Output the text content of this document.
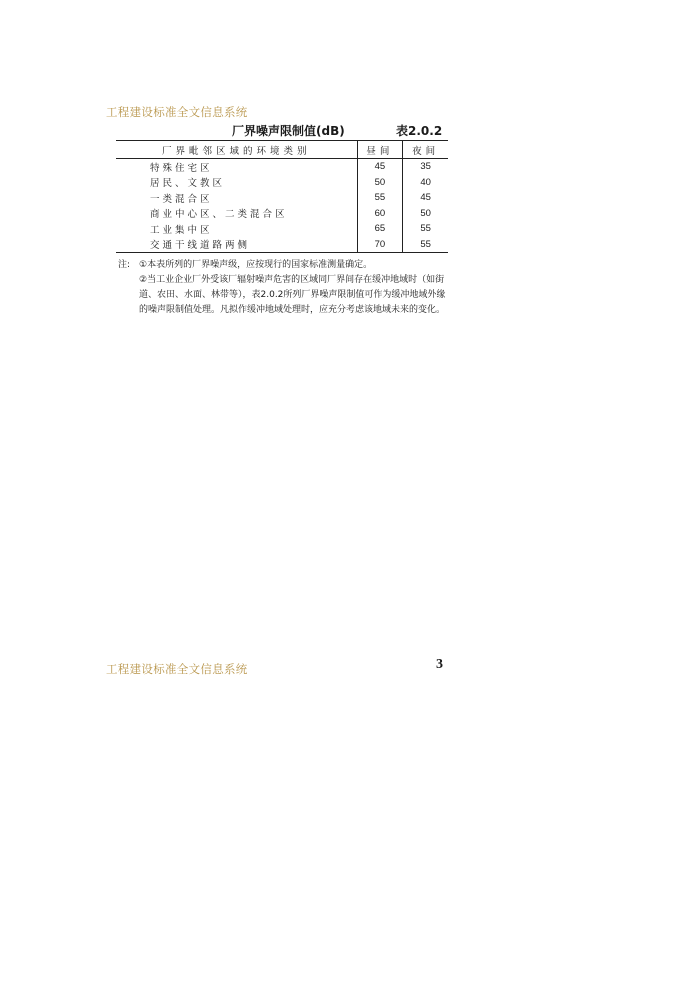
工程建设标准全文信息系统
厂界噪声限制值(dB)	表2.0.2
厂界毗邻区域的环境类别	昼间	夜间
特殊住宅区	45	35
居民、文教区	50	40
一类混合区	55	45
商业中心区、二类混合区	60	50
工业集中区	65	55
交通干线道路两侧	70	55
注: ①本表所列的厂界噪声级，应按现行的国家标准测量确定。
②当工业企业厂外受该厂辐射噪声危害的区域同厂界间存在缓冲地域时（如街道、农田、水面、林带等），表2.0.2所列厂界噪声限制值可作为缓冲地域外缘的噪声限制值处理。凡拟作缓冲地域处理时，应充分考虑该地域未来的变化。
工程建设标准全文信息系统	3
